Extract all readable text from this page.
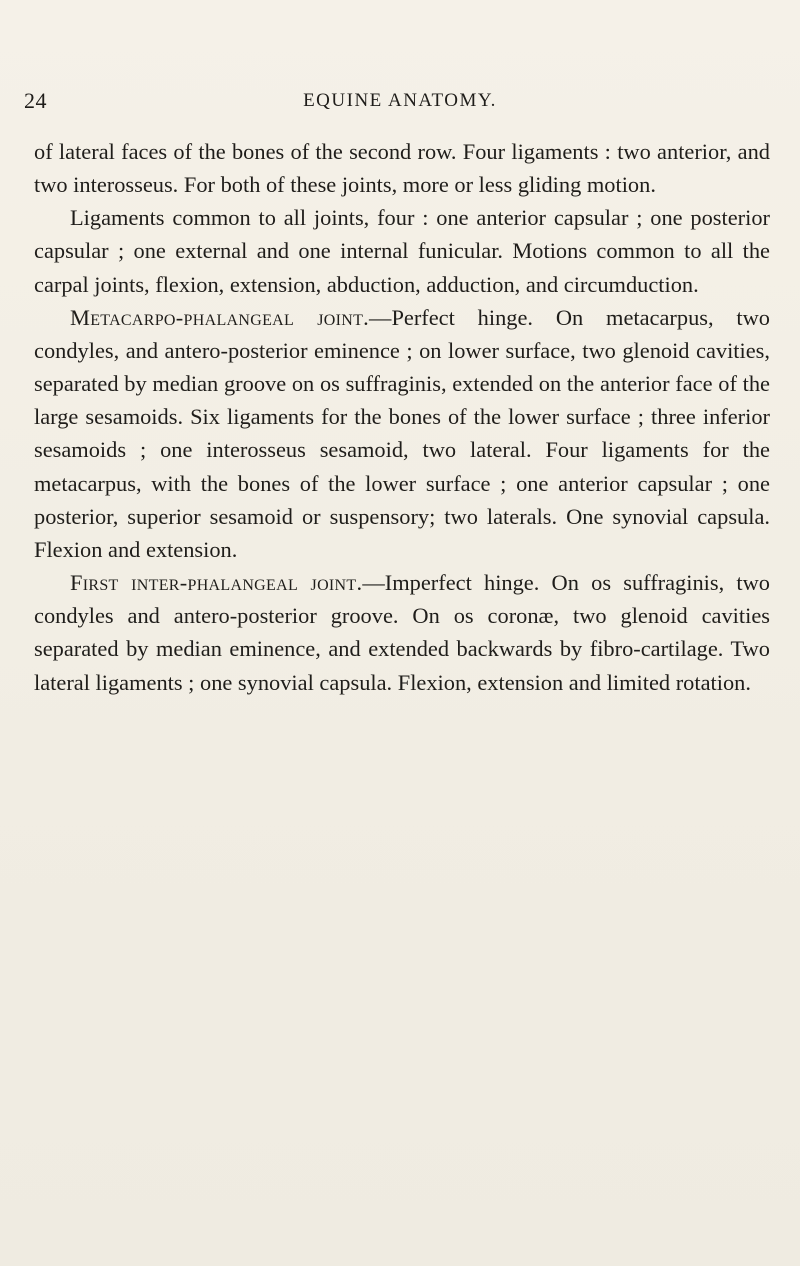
24	EQUINE ANATOMY.

of lateral faces of the bones of the second row. Four ligaments : two anterior, and two interosseus. For both of these joints, more or less gliding motion.

Ligaments common to all joints, four : one anterior capsular ; one posterior capsular ; one external and one internal funicular. Motions common to all the carpal joints, flexion, extension, abduction, adduction, and circumduction.

Metacarpo-phalangeal joint.—Perfect hinge. On metacarpus, two condyles, and antero-posterior eminence ; on lower surface, two glenoid cavities, separated by median groove on os suffraginis, extended on the anterior face of the large sesamoids. Six ligaments for the bones of the lower surface ; three inferior sesamoids ; one interosseus sesamoid, two lateral. Four ligaments for the metacarpus, with the bones of the lower surface ; one anterior capsular ; one posterior, superior sesamoid or suspensory; two laterals. One synovial capsula. Flexion and extension.

First inter-phalangeal joint.—Imperfect hinge. On os suffraginis, two condyles and antero-posterior groove. On os coronæ, two glenoid cavities separated by median eminence, and extended backwards by fibro-cartilage. Two lateral ligaments ; one synovial capsula. Flexion, extension and limited rotation.
